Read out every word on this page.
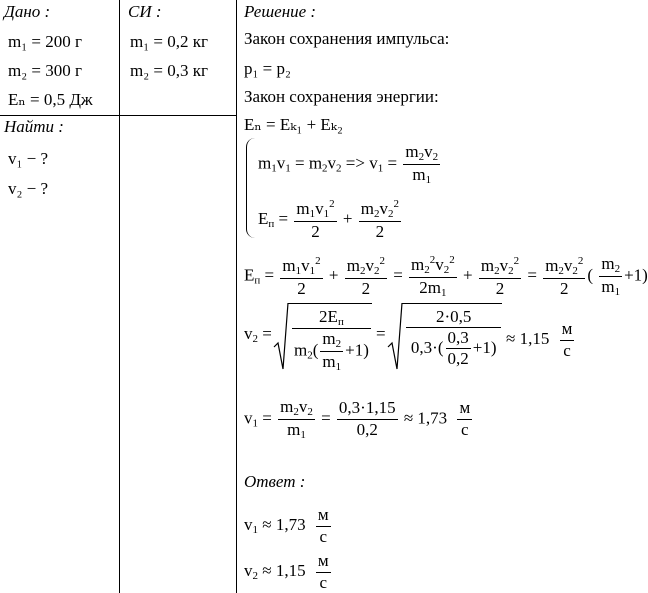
Дано :	СИ :	Решение :
Найти :
m₁ = 200 г
m₂ = 300 г
Eₙ = 0,5 Дж
m₁ = 0,2 кг
m₂ = 0,3 кг
v₁ − ?
v₂ − ?
Закон сохранения импульса:
p₁ = p₂
Закон сохранения энергии:
Eₙ = Eₖ₁ + Eₖ₂
$m_1v_1 = m_2v_2 => v_1 = \frac{m_2v_2}{m_1}$
$E_п = \frac{m_1v_1^2}{2} + \frac{m_2v_2^2}{2}$
$E_п = \frac{m_1v_1^2}{2} + \frac{m_2v_2^2}{2} = \frac{m_2^2v_2^2}{2m_1} + \frac{m_2v_2^2}{2} = \frac{m_2v_2^2}{2}$ ( $\frac{m_2}{m_1} +1$)
$v_2 = \frac{2E_п}{m_2( \frac{m_2}{m_1} +1)} = \frac{2\cdot 0,5}{0,3\cdot( \frac{0,3}{0,2} +1)} \approx 1,15 \frac{м}{с}$
$v_1 = \frac{m_2v_2}{m_1} = \frac{0,3\cdot 1,15}{0,2} \approx 1,73 \frac{м}{с}$
Ответ :
$v_1 \approx 1,73 \frac{м}{с}$
$v_2 \approx 1,15 \frac{м}{с}$
